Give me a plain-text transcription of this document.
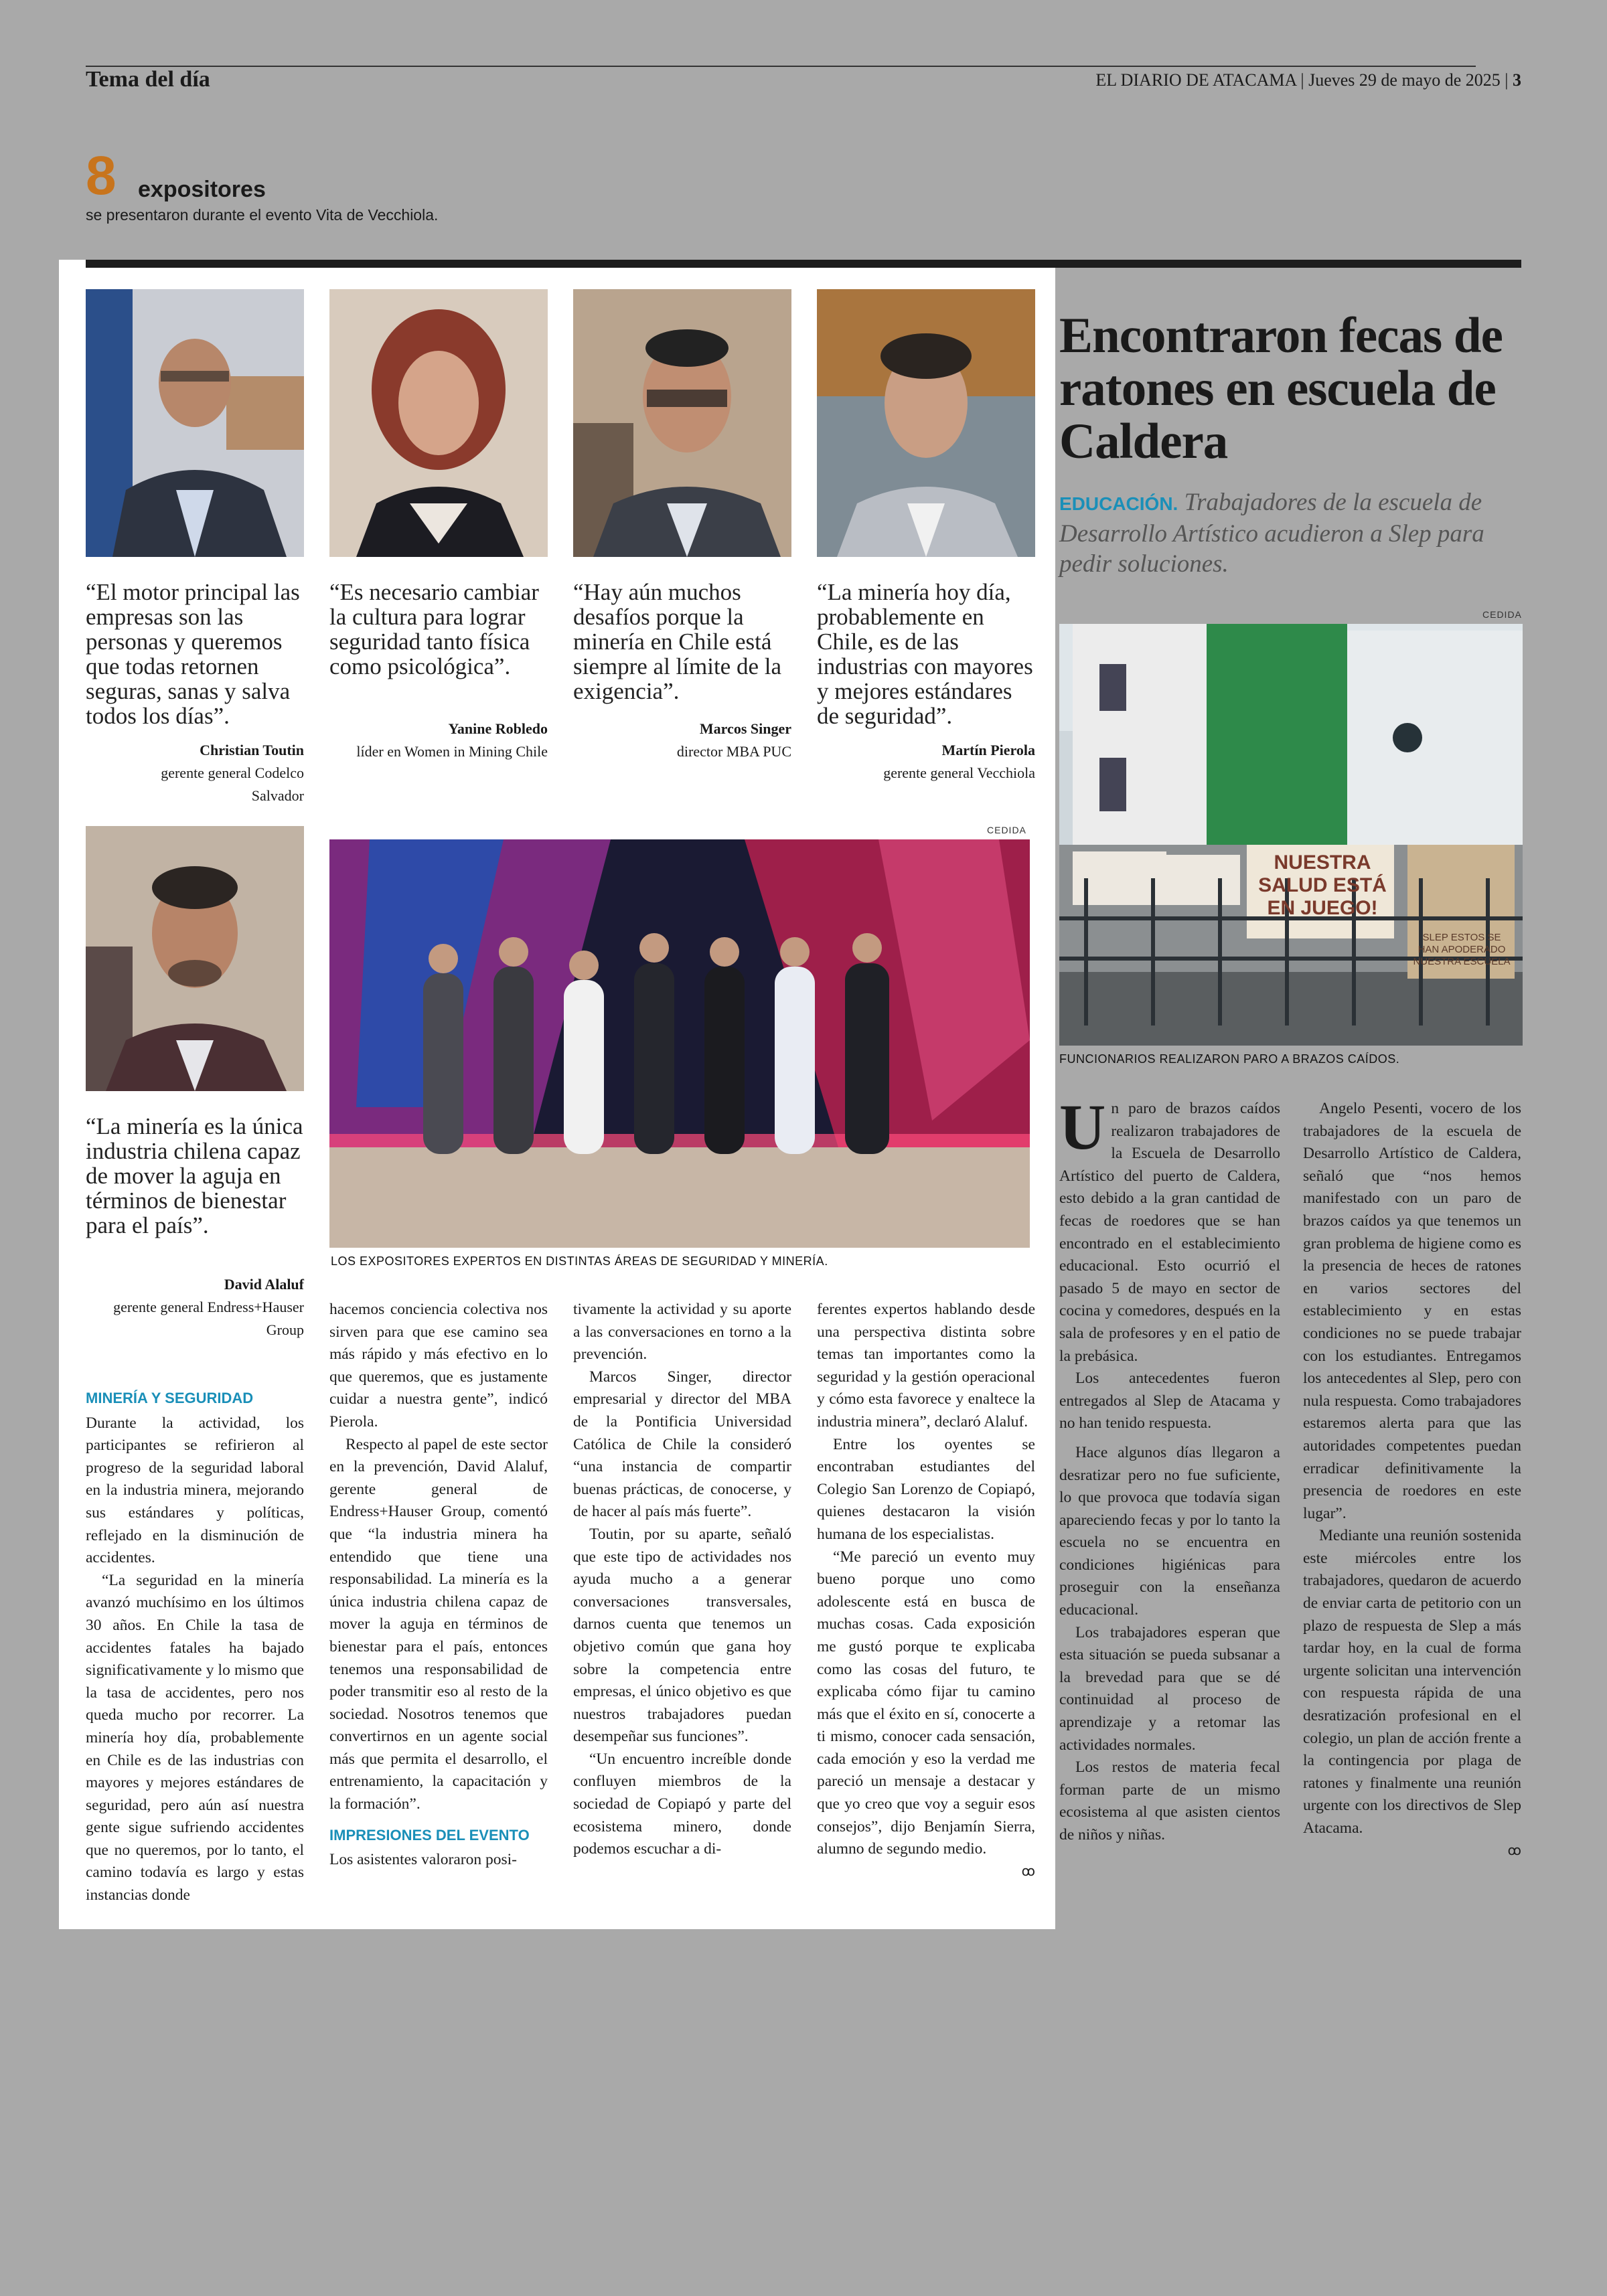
Tema del día	EL DIARIO DE ATACAMA | Jueves 29 de mayo de 2025 | 3
8 expositores
se presentaron durante el evento Vita de Vecchiola.
“El motor principal las empresas son las personas y queremos que todas retornen seguras, sanas y salva todos los días”.
Christian Toutin
gerente general Codelco
Salvador
“Es necesario cambiar la cultura para lograr seguridad tanto física como psicológica”.
Yanine Robledo
líder en Women in Mining Chile
“Hay aún muchos desafíos porque la minería en Chile está siempre al límite de la exigencia”.
Marcos Singer
director MBA PUC
“La minería hoy día, probablemente en Chile, es de las industrias con mayores y mejores estándares de seguridad”.
Martín Pierola
gerente general Vecchiola
“La minería es la única industria chilena capaz de mover la aguja en términos de bienestar para el país”.
David Alaluf
gerente general Endress+Hauser
Group
CEDIDA
LOS EXPOSITORES EXPERTOS EN DISTINTAS ÁREAS DE SEGURIDAD Y MINERÍA.
MINERÍA Y SEGURIDAD

Durante la actividad, los participantes se refirieron al progreso de la seguridad laboral en la industria minera, mejorando sus estándares y políticas, reflejado en la disminución de accidentes.

“La seguridad en la minería avanzó muchísimo en los últimos 30 años. En Chile la tasa de accidentes fatales ha bajado significativamente y lo mismo que la tasa de accidentes, pero nos queda mucho por recorrer. La minería hoy día, probablemente en Chile es de las industrias con mayores y mejores estándares de seguridad, pero aún así nuestra gente sigue sufriendo accidentes que no queremos, por lo tanto, el camino todavía es largo y estas instancias donde

hacemos conciencia colectiva nos sirven para que ese camino sea más rápido y más efectivo en lo que queremos, que es justamente cuidar a nuestra gente”, indicó Pierola.

Respecto al papel de este sector en la prevención, David Alaluf, gerente general de Endress+Hauser Group, comentó que “la industria minera ha entendido que tiene una responsabilidad. La minería es la única industria chilena capaz de mover la aguja en términos de bienestar para el país, entonces tenemos una responsabilidad de poder transmitir eso al resto de la sociedad. Nosotros tenemos que convertirnos en un agente social más que permita el desarrollo, el entrenamiento, la capacitación y la formación”.

IMPRESIONES DEL EVENTO

Los asistentes valoraron posi-

tivamente la actividad y su aporte a las conversaciones en torno a la prevención.

Marcos Singer, director empresarial y director del MBA de la Pontificia Universidad Católica de Chile la consideró “una instancia de compartir buenas prácticas, de conocerse, y de hacer al país más fuerte”.

Toutin, por su aparte, señaló que este tipo de actividades nos ayuda mucho a a generar conversaciones transversales, darnos cuenta que tenemos un objetivo común que gana hoy sobre la competencia entre empresas, el único objetivo es que nuestros trabajadores puedan desempeñar sus funciones”.

“Un encuentro increíble donde confluyen miembros de la sociedad de Copiapó y parte del ecosistema minero, donde podemos escuchar a di-

ferentes expertos hablando desde una perspectiva distinta sobre temas tan importantes como la seguridad y la gestión operacional y cómo esta favorece y enaltece la industria minera”, declaró Alaluf.

Entre los oyentes se encontraban estudiantes del Colegio San Lorenzo de Copiapó, quienes destacaron la visión humana de los especialistas.

“Me pareció un evento muy bueno porque uno como adolescente está en busca de muchas cosas. Cada exposición me gustó porque te explicaba como las cosas del futuro, te explicaba cómo fijar tu camino más que el éxito en sí, conocerte a ti mismo, conocer cada sensación, cada emoción y eso la verdad me pareció un mensaje a destacar y que yo creo que voy a seguir esos consejos”, dijo Benjamín Sierra, alumno de segundo medio.

ꝏ
Encontraron fecas de ratones en escuela de Caldera
EDUCACIÓN. Trabajadores de la escuela de Desarrollo Artístico acudieron a Slep para pedir soluciones.
CEDIDA
NUESTRA SALUD ESTÁ EN JUEGO!
SLEP ESTOS SE HAN APODERADO NUESTRA ESCUELA
FUNCIONARIOS REALIZARON PARO A BRAZOS CAÍDOS.

Un paro de brazos caídos realizaron trabajadores de la Escuela de Desarrollo Artístico del puerto de Caldera, esto debido a la gran cantidad de fecas de roedores que se han encontrado en el establecimiento educacional. Esto ocurrió el pasado 5 de mayo en sector de cocina y comedores, después en la sala de profesores y en el patio de la prebásica.

Los antecedentes fueron entregados al Slep de Atacama y no han tenido respuesta.

Hace algunos días llegaron a desratizar pero no fue suficiente, lo que provoca que todavía sigan apareciendo fecas y por lo tanto la escuela no se encuentra en condiciones higiénicas para proseguir con la enseñanza educacional.

Los trabajadores esperan que esta situación se pueda subsanar a la brevedad para que se dé continuidad al proceso de aprendizaje y a retomar las actividades normales.

Los restos de materia fecal forman parte de un mismo ecosistema al que asisten cientos de niños y niñas.

Angelo Pesenti, vocero de los trabajadores de la escuela de Desarrollo Artístico de Caldera, señaló que “nos hemos manifestado con un paro de brazos caídos ya que tenemos un gran problema de higiene como es la presencia de heces de ratones en varios sectores del establecimiento y en estas condiciones no se puede trabajar con los estudiantes. Entregamos los antecedentes al Slep, pero con nula respuesta. Como trabajadores estaremos alerta para que las autoridades competentes puedan erradicar definitivamente la presencia de roedores en este lugar”.

Mediante una reunión sostenida este miércoles entre los trabajadores, quedaron de acuerdo de enviar carta de petitorio con un plazo de respuesta de Slep a más tardar hoy, en la cual de forma urgente solicitan una intervención con respuesta rápida de una desratización profesional en el colegio, un plan de acción frente a la contingencia por plaga de ratones y finalmente una reunión urgente con los directivos de Slep Atacama.

ꝏ
